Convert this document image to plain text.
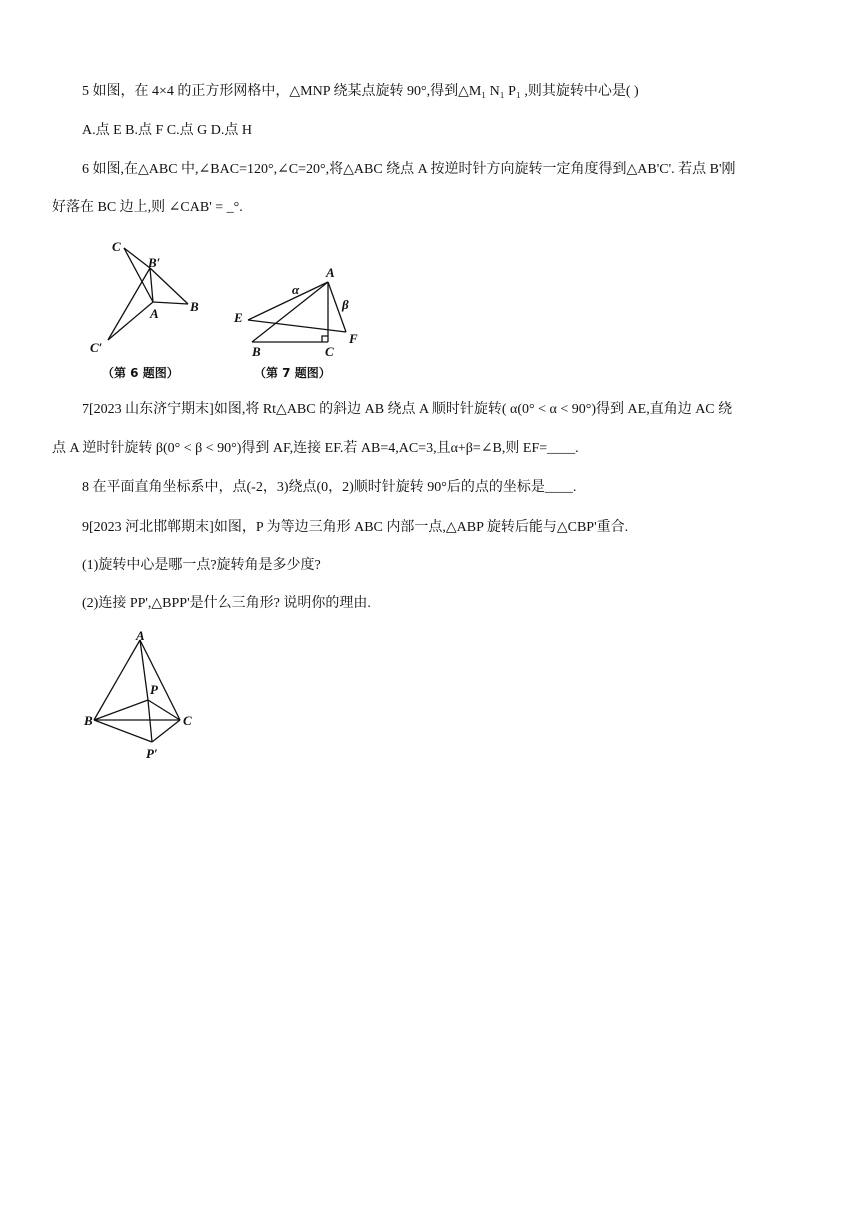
5 如图，在 4×4 的正方形网格中，△MNP 绕某点旋转 90°,得到△M₁ N₁ P₁ ,则其旋转中心是( )
A.点 E B.点 F C.点 G D.点 H
6 如图,在△ABC 中,∠BAC=120°,∠C=20°,将△ABC 绕点 A 按逆时针方向旋转一定角度得到△AB'C'. 若点 B'刚
好落在 BC 边上,则 ∠CAB' = _°.
C
B′
B
A
C′
（第 6 题图）
α
A
β
E
F
B	C
（第 7 题图）
7[2023 山东济宁期末]如图,将 Rt△ABC 的斜边 AB 绕点 A 顺时针旋转( α(0° < α < 90°)得到 AE,直角边 AC 绕
点 A 逆时针旋转 β(0° < β < 90°)得到 AF,连接 EF.若 AB=4,AC=3,且α+β=∠B,则 EF=____.
8 在平面直角坐标系中，点(-2，3)绕点(0，2)顺时针旋转 90°后的点的坐标是____.
9[2023 河北邯郸期末]如图，P 为等边三角形 ABC 内部一点,△ABP 旋转后能与△CBP'重合.
(1)旋转中心是哪一点?旋转角是多少度?
(2)连接 PP',△BPP'是什么三角形? 说明你的理由.
A
P
B	C
P′
